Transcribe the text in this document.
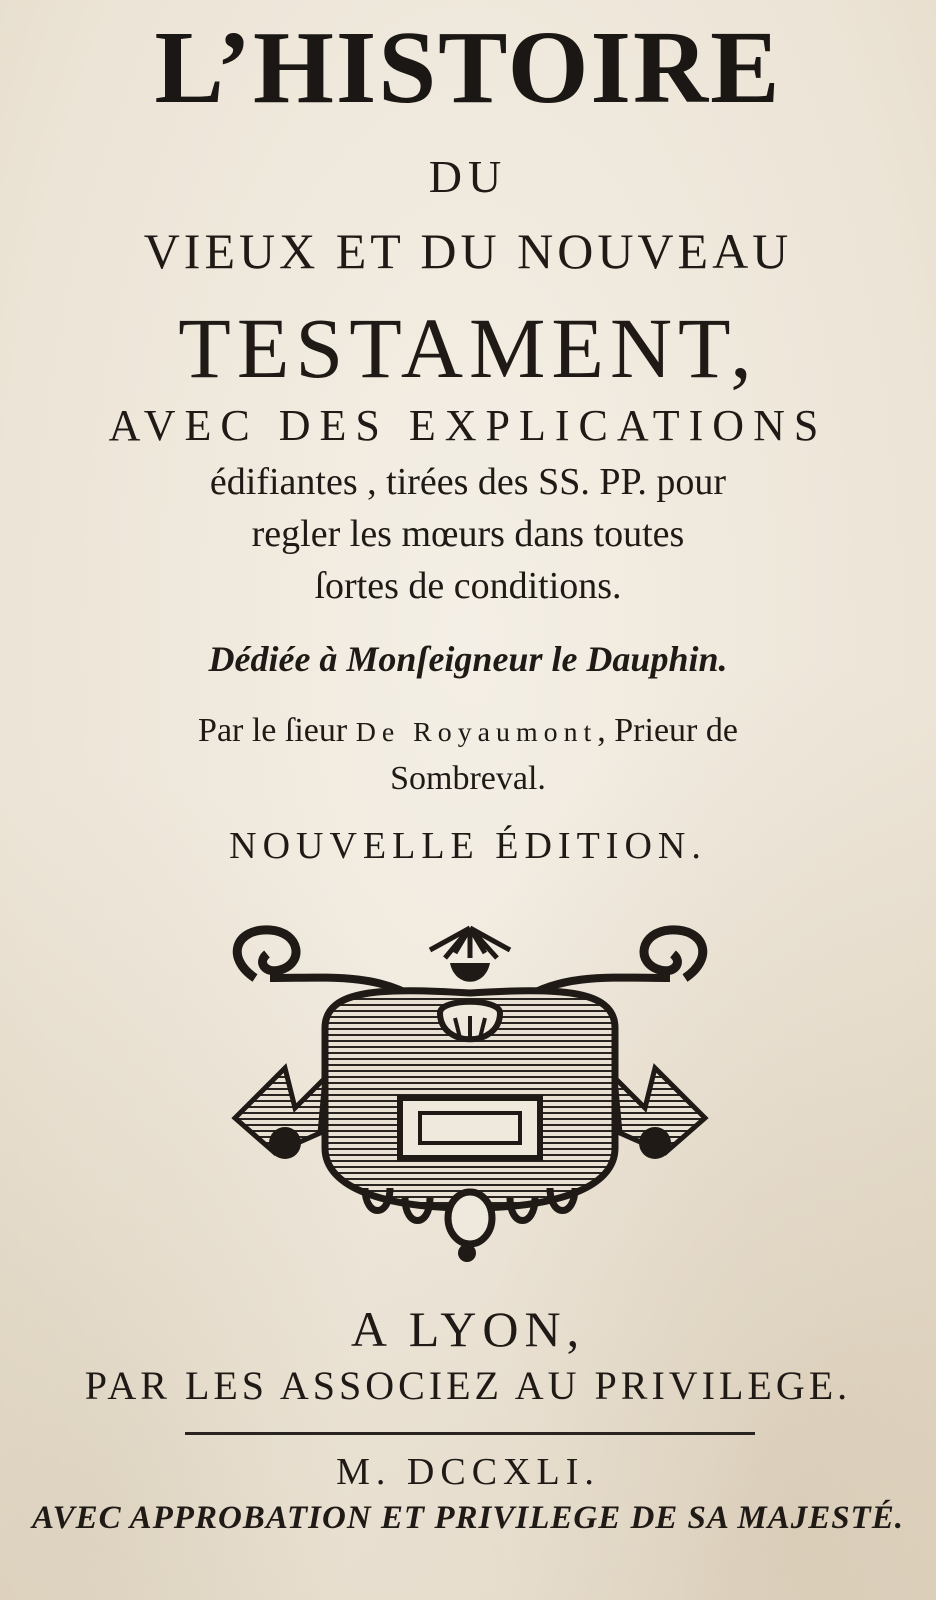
L’HISTOIRE
DU
VIEUX ET DU NOUVEAU
TESTAMENT,
AVEC DES EXPLICATIONS
édifiantes , tirées des SS. PP. pour
regler les mœurs dans toutes
ſortes de conditions.
Dédiée à Monſeigneur le Dauphin.
Par le ſieur De Royaumont, Prieur de
Sombreval.
NOUVELLE ÉDITION.
A LYON,
PAR LES ASSOCIEZ AU PRIVILEGE.
M. DCCXLI.
AVEC APPROBATION ET PRIVILEGE DE SA MAJESTÉ.
